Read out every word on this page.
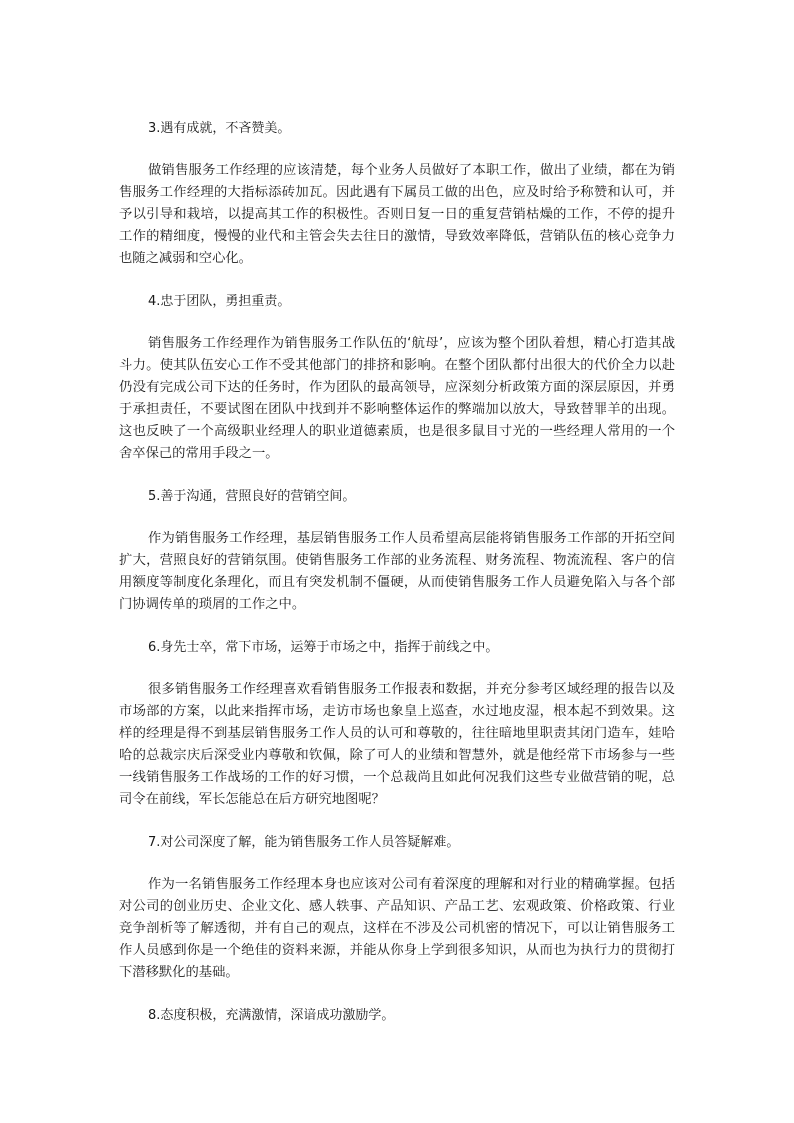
3.遇有成就，不吝赞美。

做销售服务工作经理的应该清楚，每个业务人员做好了本职工作，做出了业绩，都在为销售服务工作经理的大指标添砖加瓦。因此遇有下属员工做的出色，应及时给予称赞和认可，并予以引导和栽培，以提高其工作的积极性。否则日复一日的重复营销枯燥的工作，不停的提升工作的精细度，慢慢的业代和主管会失去往日的激情，导致效率降低，营销队伍的核心竞争力也随之减弱和空心化。

4.忠于团队，勇担重责。

销售服务工作经理作为销售服务工作队伍的‘航母’，应该为整个团队着想，精心打造其战斗力。使其队伍安心工作不受其他部门的排挤和影响。在整个团队都付出很大的代价全力以赴仍没有完成公司下达的任务时，作为团队的最高领导，应深刻分析政策方面的深层原因，并勇于承担责任，不要试图在团队中找到并不影响整体运作的弊端加以放大，导致替罪羊的出现。这也反映了一个高级职业经理人的职业道德素质，也是很多鼠目寸光的一些经理人常用的一个舍卒保己的常用手段之一。

5.善于沟通，营照良好的营销空间。

作为销售服务工作经理，基层销售服务工作人员希望高层能将销售服务工作部的开拓空间扩大，营照良好的营销氛围。使销售服务工作部的业务流程、财务流程、物流流程、客户的信用额度等制度化条理化，而且有突发机制不僵硬，从而使销售服务工作人员避免陷入与各个部门协调传单的琐屑的工作之中。

6.身先士卒，常下市场，运筹于市场之中，指挥于前线之中。

很多销售服务工作经理喜欢看销售服务工作报表和数据，并充分参考区域经理的报告以及市场部的方案，以此来指挥市场，走访市场也象皇上巡查，水过地皮湿，根本起不到效果。这样的经理是得不到基层销售服务工作人员的认可和尊敬的，往往暗地里职责其闭门造车，娃哈哈的总裁宗庆后深受业内尊敬和钦佩，除了可人的业绩和智慧外，就是他经常下市场参与一些一线销售服务工作战场的工作的好习惯，一个总裁尚且如此何况我们这些专业做营销的呢，总司令在前线，军长怎能总在后方研究地图呢？

7.对公司深度了解，能为销售服务工作人员答疑解难。

作为一名销售服务工作经理本身也应该对公司有着深度的理解和对行业的精确掌握。包括对公司的创业历史、企业文化、感人轶事、产品知识、产品工艺、宏观政策、价格政策、行业竞争剖析等了解透彻，并有自己的观点，这样在不涉及公司机密的情况下，可以让销售服务工作人员感到你是一个绝佳的资料来源，并能从你身上学到很多知识，从而也为执行力的贯彻打下潜移默化的基础。

8.态度积极，充满激情，深谙成功激励学。
